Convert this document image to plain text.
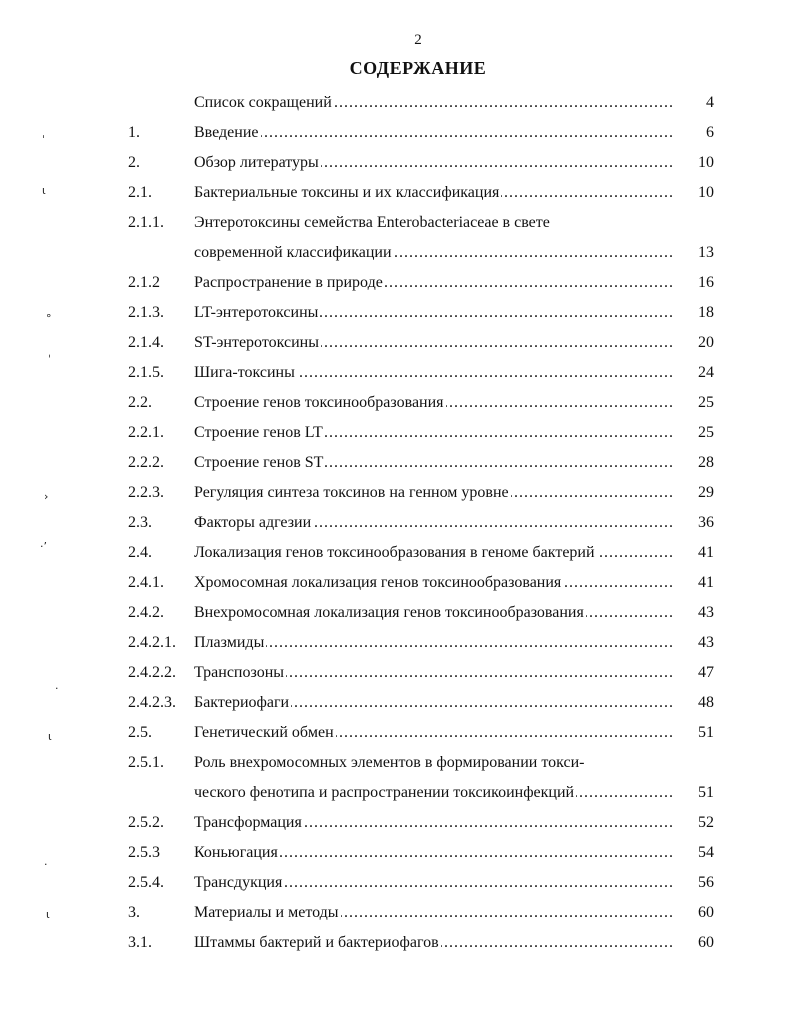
2
СОДЕРЖАНИЕ
Список сокращений .....	4
1.	Введение .....	6
2.	Обзор литературы .....	10
2.1.	Бактериальные токсины и их классификация .....	10
2.1.1.	Энтеротоксины семейства Enterobacteriaceae в свете
современной классификации .....	13
2.1.2	Распространение в природе .....	16
2.1.3.	LT-энтеротоксины .....	18
2.1.4.	ST-энтеротоксины .....	20
2.1.5.	Шига-токсины .....	24
2.2.	Строение генов токсинообразования .....	25
2.2.1.	Строение генов LT .....	25
2.2.2.	Строение генов ST .....	28
2.2.3.	Регуляция синтеза токсинов на генном уровне .....	29
2.3.	Факторы адгезии .....	36
2.4.	Локализация генов токсинообразования в геноме бактерий .....	41
2.4.1.	Хромосомная локализация генов токсинообразования .....	41
2.4.2.	Внехромосомная локализация генов токсинообразования .....	43
2.4.2.1.	Плазмиды .....	43
2.4.2.2.	Транспозоны .....	47
2.4.2.3.	Бактериофаги .....	48
2.5.	Генетический обмен .....	51
2.5.1.	Роль внехромосомных элементов в формировании токси-
ческого фенотипа и распространении токсикоинфекций .....	51
2.5.2.	Трансформация .....	52
2.5.3	Коньюгация .....	54
2.5.4.	Трансдукция .....	56
3.	Материалы и методы .....	60
3.1.	Штаммы бактерий и бактериофагов .....	60
ˈ
ɩ
°
ˌ
›
·ʼ
·
ɩ
·
ɩ
